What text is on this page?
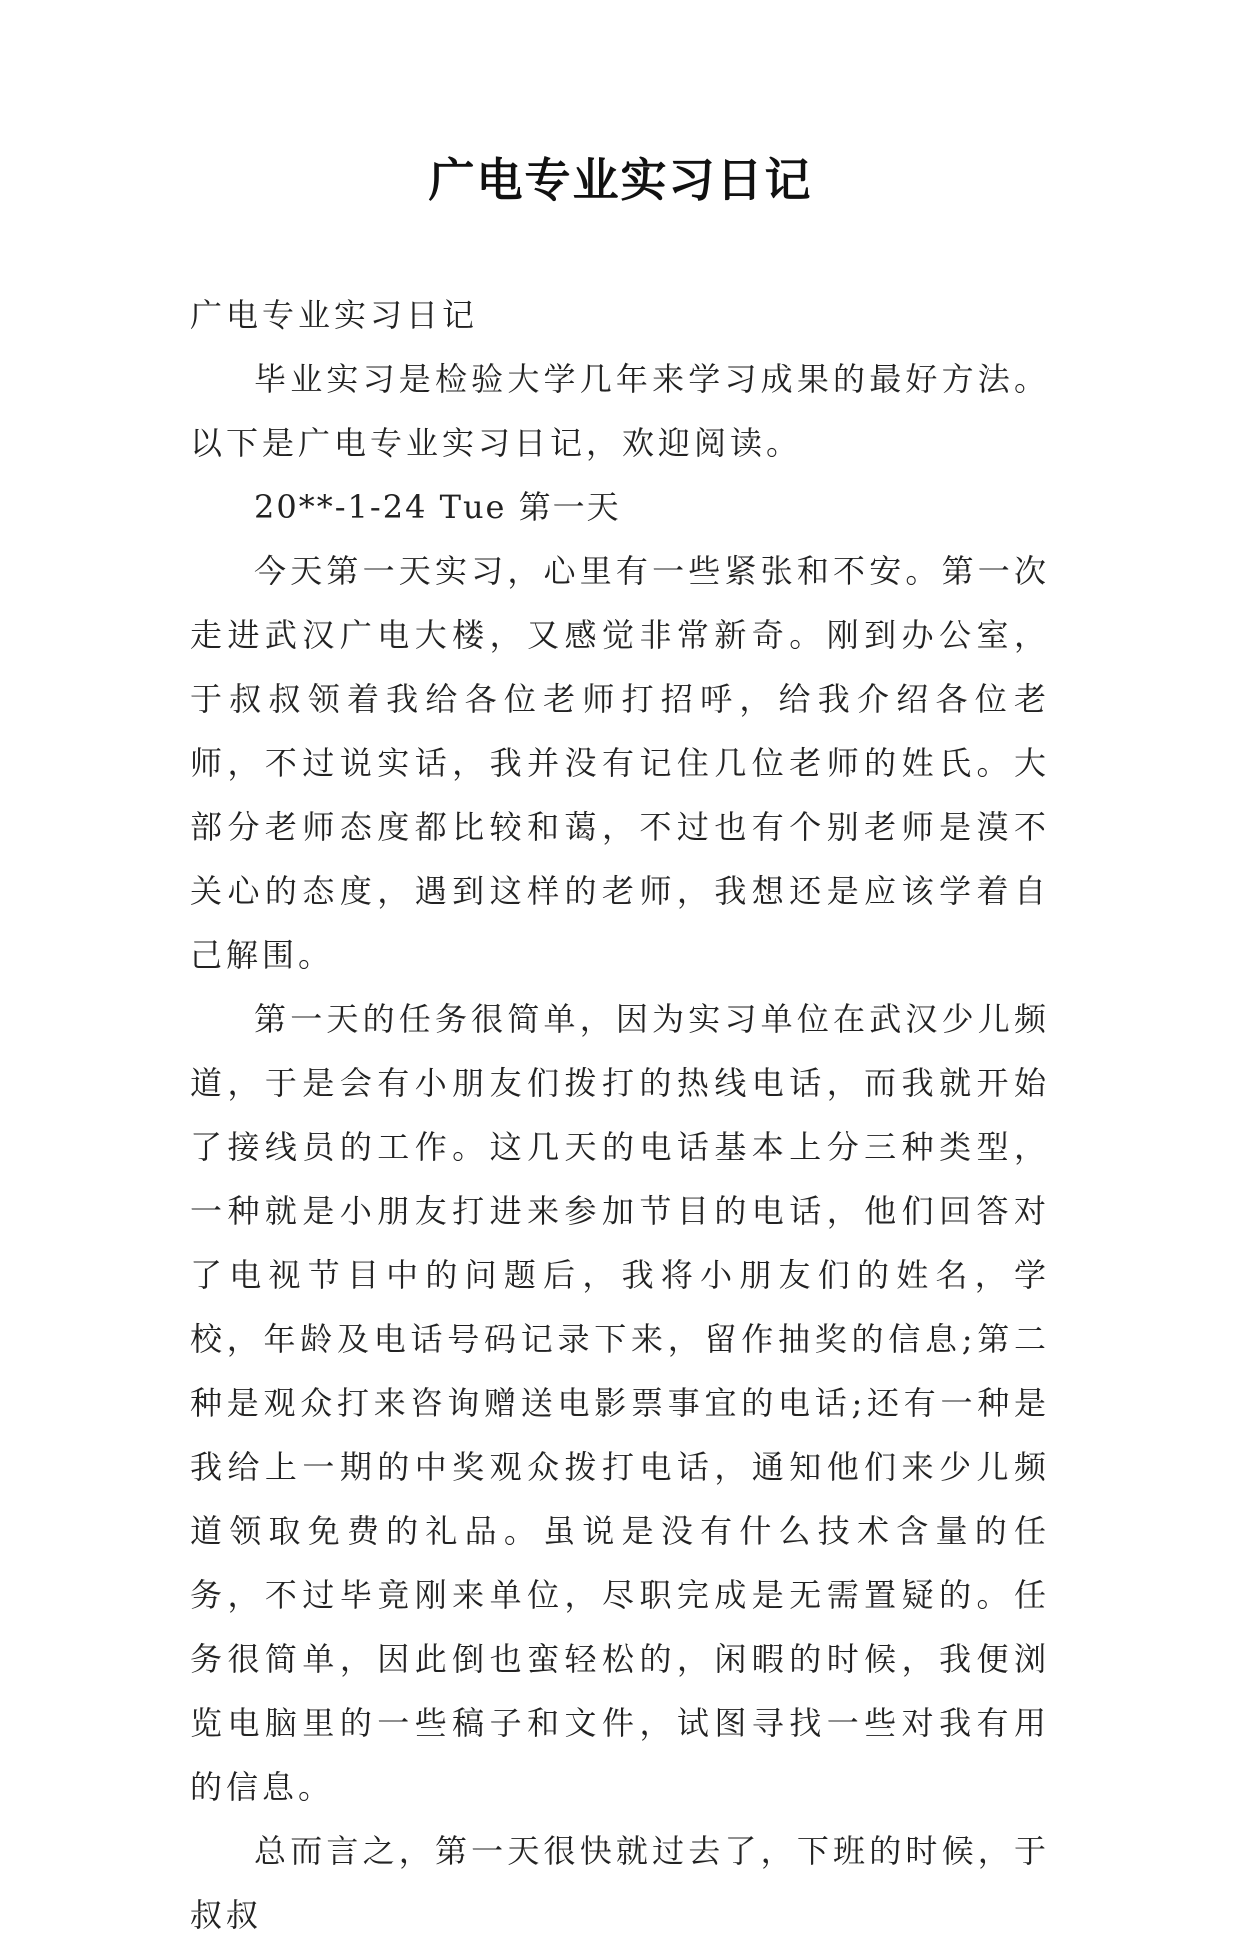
广电专业实习日记

广电专业实习日记

毕业实习是检验大学几年来学习成果的最好方法。以下是广电专业实习日记，欢迎阅读。

20**-1-24 Tue 第一天

今天第一天实习，心里有一些紧张和不安。第一次走进武汉广电大楼，又感觉非常新奇。刚到办公室，于叔叔领着我给各位老师打招呼，给我介绍各位老师，不过说实话，我并没有记住几位老师的姓氏。大部分老师态度都比较和蔼，不过也有个别老师是漠不关心的态度，遇到这样的老师，我想还是应该学着自己解围。

第一天的任务很简单，因为实习单位在武汉少儿频道，于是会有小朋友们拨打的热线电话，而我就开始了接线员的工作。这几天的电话基本上分三种类型，一种就是小朋友打进来参加节目的电话，他们回答对了电视节目中的问题后，我将小朋友们的姓名，学校，年龄及电话号码记录下来，留作抽奖的信息;第二种是观众打来咨询赠送电影票事宜的电话;还有一种是我给上一期的中奖观众拨打电话，通知他们来少儿频道领取免费的礼品。虽说是没有什么技术含量的任务，不过毕竟刚来单位，尽职完成是无需置疑的。任务很简单，因此倒也蛮轻松的，闲暇的时候，我便浏览电脑里的一些稿子和文件，试图寻找一些对我有用的信息。

总而言之，第一天很快就过去了，下班的时候，于叔叔
